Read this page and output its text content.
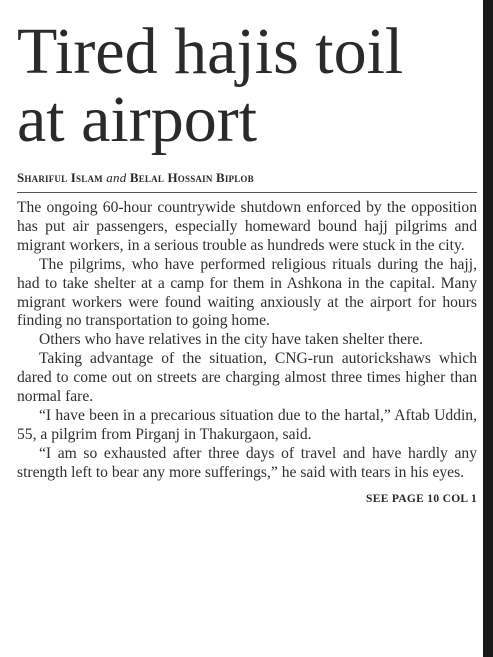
Tired hajis toil
at airport
Shariful Islam and Belal Hossain Biplob

The ongoing 60-hour countrywide shutdown enforced by the opposition has put air passengers, especially homeward bound hajj pilgrims and migrant workers, in a serious trouble as hundreds were stuck in the city.

The pilgrims, who have performed religious rituals during the hajj, had to take shelter at a camp for them in Ashkona in the capital. Many migrant workers were found waiting anxiously at the airport for hours finding no transportation to going home.

Others who have relatives in the city have taken shelter there.

Taking advantage of the situation, CNG-run autorickshaws which dared to come out on streets are charging almost three times higher than normal fare.

“I have been in a precarious situation due to the hartal,” Aftab Uddin, 55, a pilgrim from Pirganj in Thakurgaon, said.

“I am so exhausted after three days of travel and have hardly any strength left to bear any more sufferings,” he said with tears in his eyes.

SEE PAGE 10 COL 1
